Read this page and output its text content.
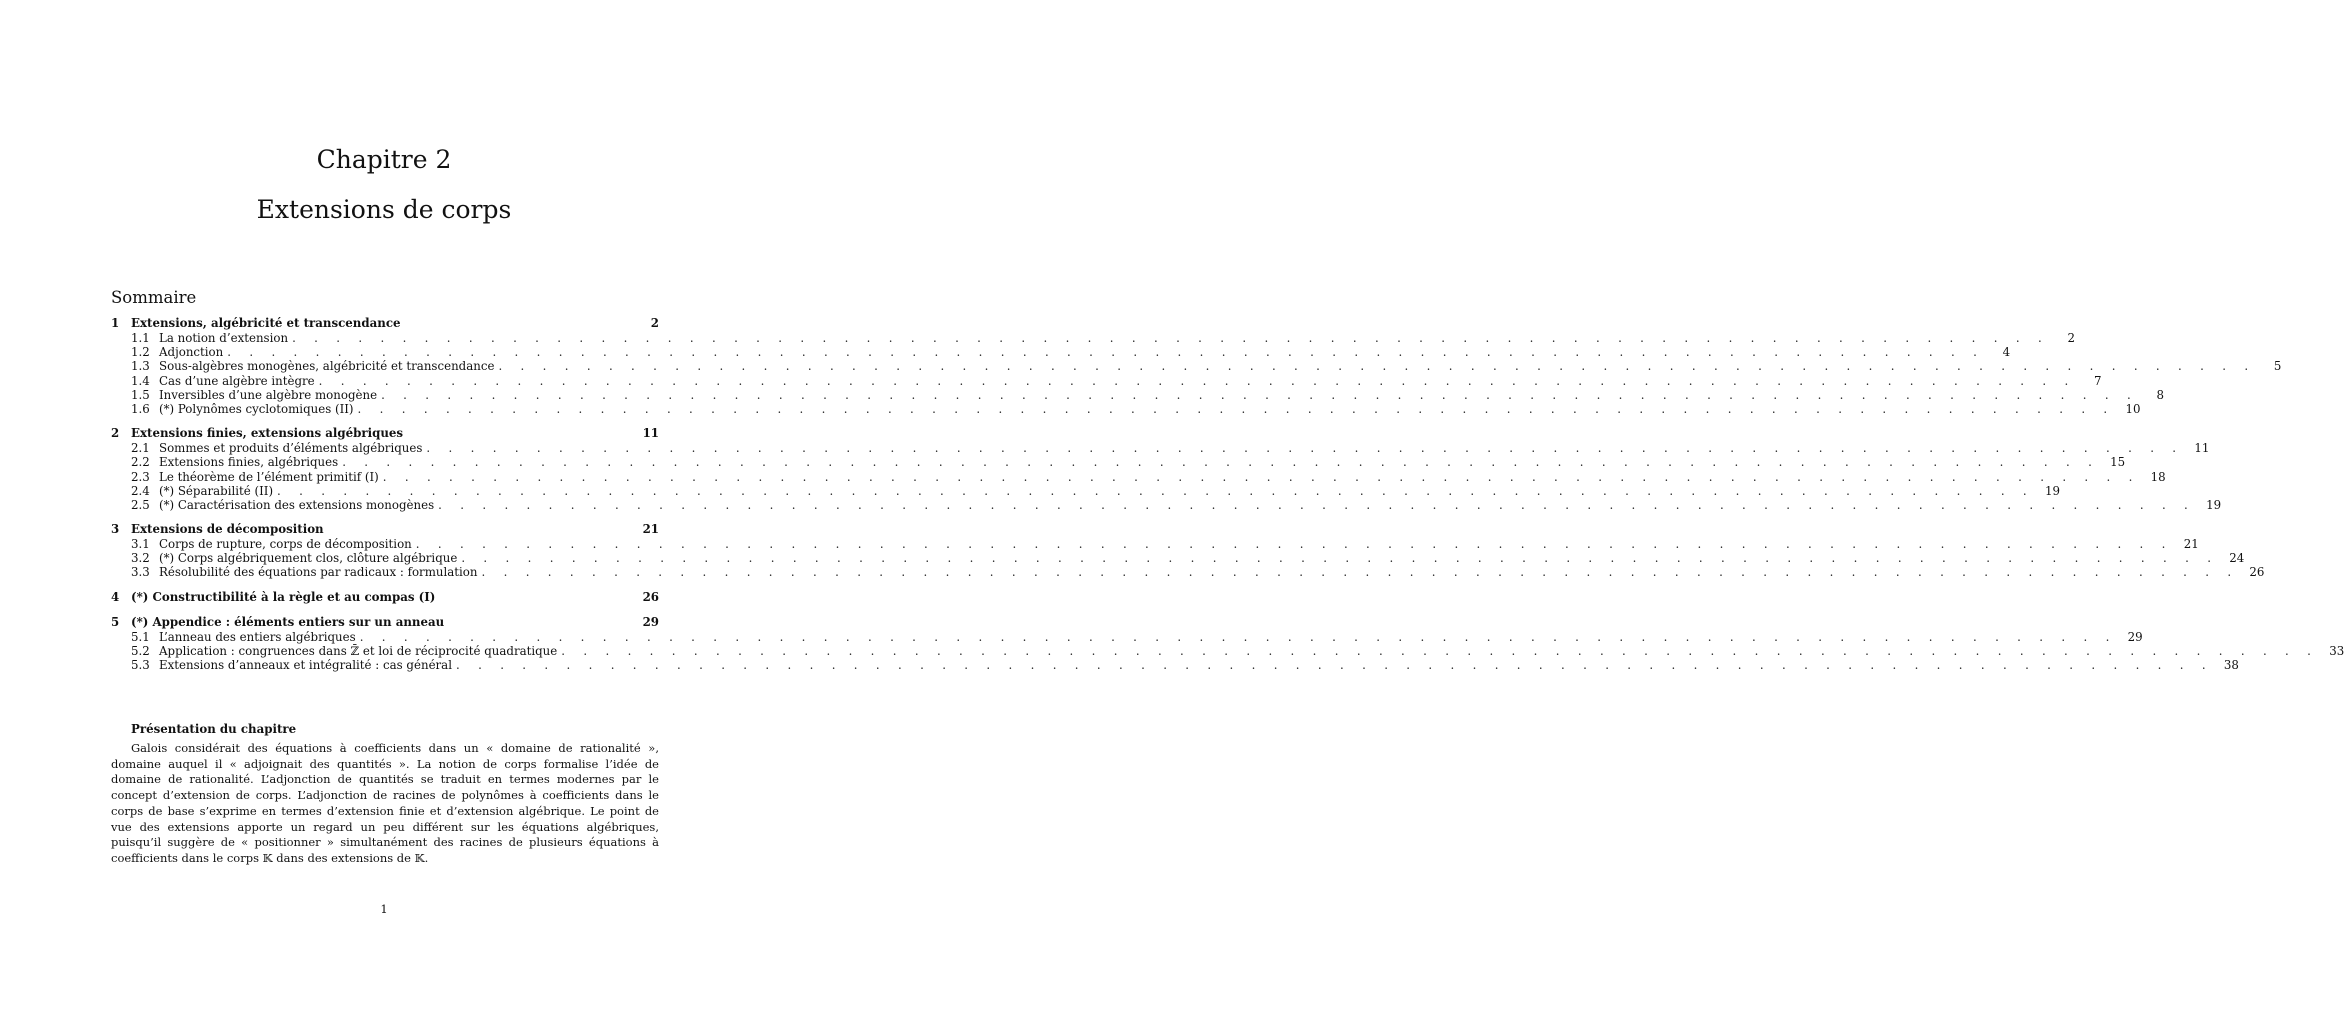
Chapitre 2
Extensions de corps
Sommaire
1 Extensions, algébricité et transcendance	2
1.1 La notion d’extension . . . . . . . . . . . . . . . . . . . . . . . . . . . . . . . . . . . . . . . . . . . . . . . . . . . . . . . . . . . . . . . . . . . . . . . . . . . . . . . .	2
1.2 Adjonction . . . . . . . . . . . . . . . . . . . . . . . . . . . . . . . . . . . . . . . . . . . . . . . . . . . . . . . . . . . . . . . . . . . . . . . . . . . . . . . .	4
1.3 Sous-algèbres monogènes, algébricité et transcendance . . . . . . . . . . . . . . . . . . . . . . . . . . . . . . . . . . . . . . . . . . . . . . . . . . . . . . . . . . . . . . . . . . . . . . . . . . . . . . . .	5
1.4 Cas d’une algèbre intègre . . . . . . . . . . . . . . . . . . . . . . . . . . . . . . . . . . . . . . . . . . . . . . . . . . . . . . . . . . . . . . . . . . . . . . . . . . . . . . . .	7
1.5 Inversibles d’une algèbre monogène . . . . . . . . . . . . . . . . . . . . . . . . . . . . . . . . . . . . . . . . . . . . . . . . . . . . . . . . . . . . . . . . . . . . . . . . . . . . . . . .	8
1.6 (*) Polynômes cyclotomiques (II) . . . . . . . . . . . . . . . . . . . . . . . . . . . . . . . . . . . . . . . . . . . . . . . . . . . . . . . . . . . . . . . . . . . . . . . . . . . . . . . . 10
2 Extensions finies, extensions algébriques	11
2.1 Sommes et produits d’éléments algébriques . . . . . . . . . . . . . . . . . . . . . . . . . . . . . . . . . . . . . . . . . . . . . . . . . . . . . . . . . . . . . . . . . . . . . . . . . . . . . . . . 11
2.2 Extensions finies, algébriques . . . . . . . . . . . . . . . . . . . . . . . . . . . . . . . . . . . . . . . . . . . . . . . . . . . . . . . . . . . . . . . . . . . . . . . . . . . . . . . . 15
2.3 Le théorème de l’élément primitif (I) . . . . . . . . . . . . . . . . . . . . . . . . . . . . . . . . . . . . . . . . . . . . . . . . . . . . . . . . . . . . . . . . . . . . . . . . . . . . . . . . 18
2.4 (*) Séparabilité (II) . . . . . . . . . . . . . . . . . . . . . . . . . . . . . . . . . . . . . . . . . . . . . . . . . . . . . . . . . . . . . . . . . . . . . . . . . . . . . . . . 19
2.5 (*) Caractérisation des extensions monogènes . . . . . . . . . . . . . . . . . . . . . . . . . . . . . . . . . . . . . . . . . . . . . . . . . . . . . . . . . . . . . . . . . . . . . . . . . . . . . . . . 19
3 Extensions de décomposition	21
3.1 Corps de rupture, corps de décomposition . . . . . . . . . . . . . . . . . . . . . . . . . . . . . . . . . . . . . . . . . . . . . . . . . . . . . . . . . . . . . . . . . . . . . . . . . . . . . . . . 21
3.2 (*) Corps algébriquement clos, clôture algébrique . . . . . . . . . . . . . . . . . . . . . . . . . . . . . . . . . . . . . . . . . . . . . . . . . . . . . . . . . . . . . . . . . . . . . . . . . . . . . . . . 24
3.3 Résolubilité des équations par radicaux : formulation . . . . . . . . . . . . . . . . . . . . . . . . . . . . . . . . . . . . . . . . . . . . . . . . . . . . . . . . . . . . . . . . . . . . . . . . . . . . . . . . 26
4 (*) Constructibilité à la règle et au compas (I)	26
5 (*) Appendice : éléments entiers sur un anneau	29
5.1 L’anneau des entiers algébriques . . . . . . . . . . . . . . . . . . . . . . . . . . . . . . . . . . . . . . . . . . . . . . . . . . . . . . . . . . . . . . . . . . . . . . . . . . . . . . . . 29
5.2 Application : congruences dans ℤ̄ et loi de réciprocité quadratique . . . . . . . . . . . . . . . . . . . . . . . . . . . . . . . . . . . . . . . . . . . . . . . . . . . . . . . . . . . . . . . . . . . . . . . . . . . . . . . . 33
5.3 Extensions d’anneaux et intégralité : cas général . . . . . . . . . . . . . . . . . . . . . . . . . . . . . . . . . . . . . . . . . . . . . . . . . . . . . . . . . . . . . . . . . . . . . . . . . . . . . . . . 38
Présentation du chapitre
Galois considérait des équations à coefficients dans un « domaine de rationalité », domaine auquel il « adjoignait des quantités ». La notion de corps formalise l’idée de domaine de rationalité. L’adjonction de quantités se traduit en termes modernes par le concept d’extension de corps. L’adjonction de racines de polynômes à coefficients dans le corps de base s’exprime en termes d’extension finie et d’extension algébrique. Le point de vue des extensions apporte un regard un peu différent sur les équations algébriques, puisqu’il suggère de « positionner » simultanément des racines de plusieurs équations à coefficients dans le corps 𝕂 dans des extensions de 𝕂.
1
